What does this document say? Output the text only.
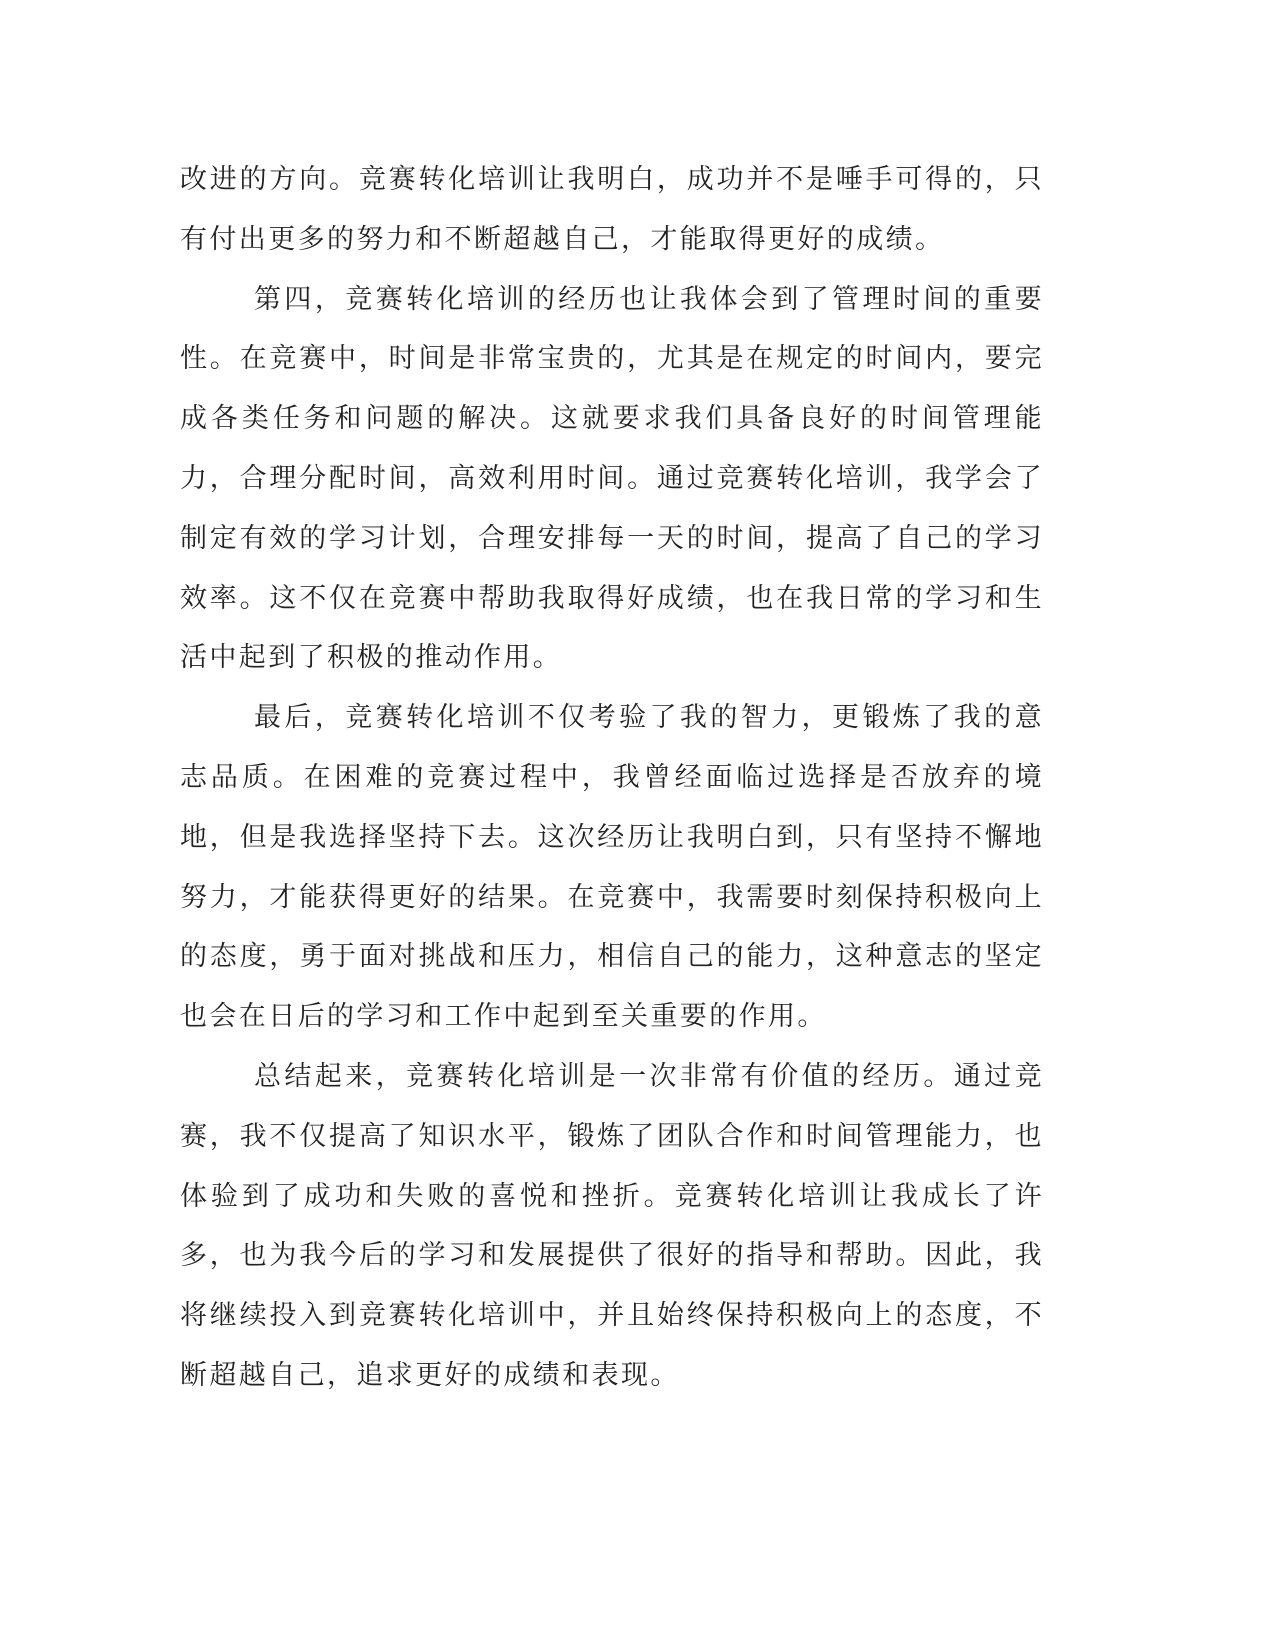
改进的方向。竞赛转化培训让我明白，成功并不是唾手可得的，只有付出更多的努力和不断超越自己，才能取得更好的成绩。

第四，竞赛转化培训的经历也让我体会到了管理时间的重要性。在竞赛中，时间是非常宝贵的，尤其是在规定的时间内，要完成各类任务和问题的解决。这就要求我们具备良好的时间管理能力，合理分配时间，高效利用时间。通过竞赛转化培训，我学会了制定有效的学习计划，合理安排每一天的时间，提高了自己的学习效率。这不仅在竞赛中帮助我取得好成绩，也在我日常的学习和生活中起到了积极的推动作用。

最后，竞赛转化培训不仅考验了我的智力，更锻炼了我的意志品质。在困难的竞赛过程中，我曾经面临过选择是否放弃的境地，但是我选择坚持下去。这次经历让我明白到，只有坚持不懈地努力，才能获得更好的结果。在竞赛中，我需要时刻保持积极向上的态度，勇于面对挑战和压力，相信自己的能力，这种意志的坚定也会在日后的学习和工作中起到至关重要的作用。

总结起来，竞赛转化培训是一次非常有价值的经历。通过竞赛，我不仅提高了知识水平，锻炼了团队合作和时间管理能力，也体验到了成功和失败的喜悦和挫折。竞赛转化培训让我成长了许多，也为我今后的学习和发展提供了很好的指导和帮助。因此，我将继续投入到竞赛转化培训中，并且始终保持积极向上的态度，不断超越自己，追求更好的成绩和表现。
